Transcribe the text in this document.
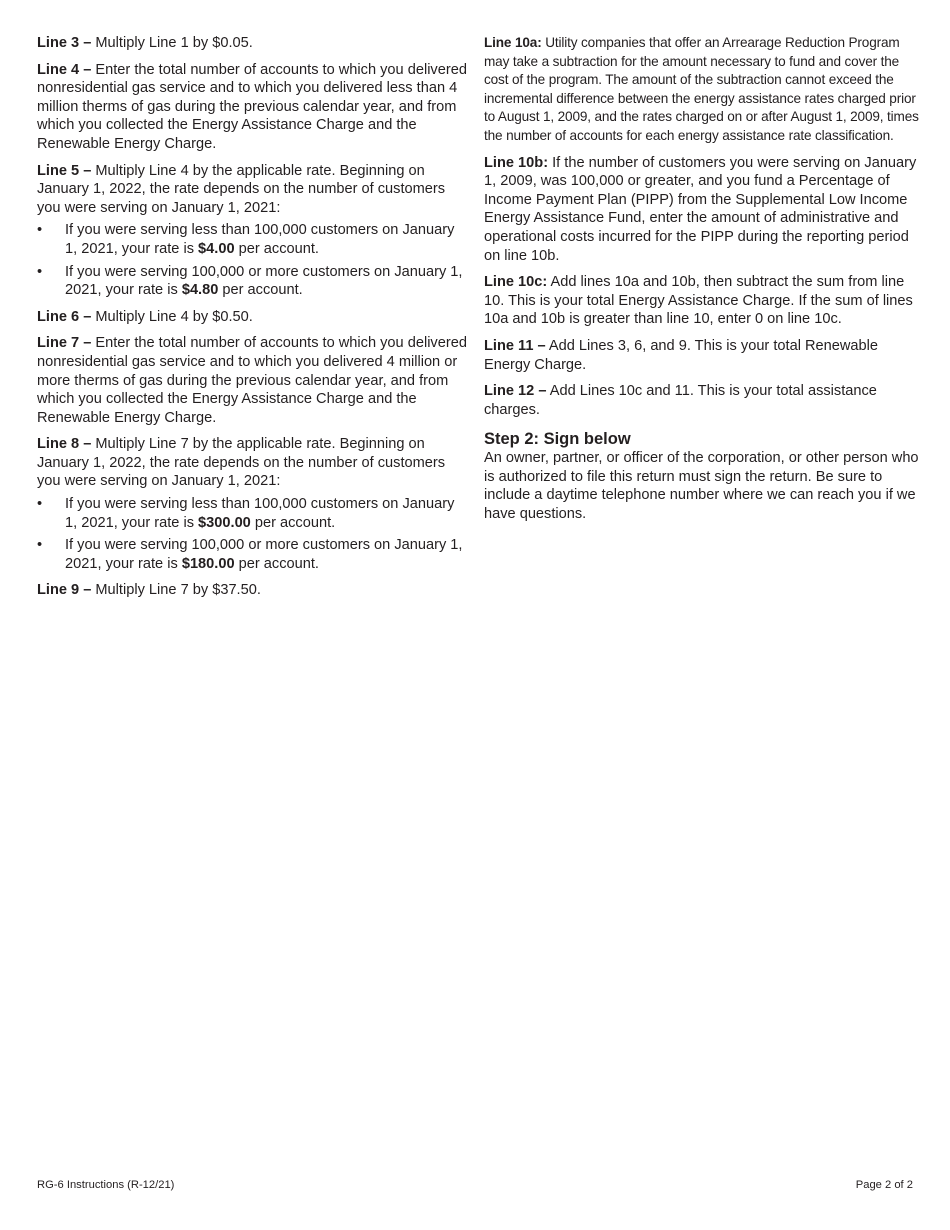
Line 3 – Multiply Line 1 by $0.05.

Line 4 – Enter the total number of accounts to which you delivered nonresidential gas service and to which you delivered less than 4 million therms of gas during the previous calendar year, and from which you collected the Energy Assistance Charge and the Renewable Energy Charge.

Line 5 – Multiply Line 4 by the applicable rate. Beginning on January 1, 2022, the rate depends on the number of customers you were serving on January 1, 2021:

• If you were serving less than 100,000 customers on January 1, 2021, your rate is $4.00 per account.
• If you were serving 100,000 or more customers on January 1, 2021, your rate is $4.80 per account.

Line 6 – Multiply Line 4 by $0.50.

Line 7 – Enter the total number of accounts to which you delivered nonresidential gas service and to which you delivered 4 million or more therms of gas during the previous calendar year, and from which you collected the Energy Assistance Charge and the Renewable Energy Charge.

Line 8 – Multiply Line 7 by the applicable rate. Beginning on January 1, 2022, the rate depends on the number of customers you were serving on January 1, 2021:

• If you were serving less than 100,000 customers on January 1, 2021, your rate is $300.00 per account.
• If you were serving 100,000 or more customers on January 1, 2021, your rate is $180.00 per account.

Line 9 – Multiply Line 7 by $37.50.

Line 10a: Utility companies that offer an Arrearage Reduction Program may take a subtraction for the amount necessary to fund and cover the cost of the program. The amount of the subtraction cannot exceed the incremental difference between the energy assistance rates charged prior to August 1, 2009, and the rates charged on or after August 1, 2009, times the number of accounts for each energy assistance rate classification.

Line 10b: If the number of customers you were serving on January 1, 2009, was 100,000 or greater, and you fund a Percentage of Income Payment Plan (PIPP) from the Supplemental Low Income Energy Assistance Fund, enter the amount of administrative and operational costs incurred for the PIPP during the reporting period on line 10b.

Line 10c: Add lines 10a and 10b, then subtract the sum from line 10. This is your total Energy Assistance Charge. If the sum of lines 10a and 10b is greater than line 10, enter 0 on line 10c.

Line 11 – Add Lines 3, 6, and 9. This is your total Renewable Energy Charge.

Line 12 – Add Lines 10c and 11. This is your total assistance charges.

Step 2: Sign below

An owner, partner, or officer of the corporation, or other person who is authorized to file this return must sign the return. Be sure to include a daytime telephone number where we can reach you if we have questions.

RG-6 Instructions (R-12/21)	Page 2 of 2
